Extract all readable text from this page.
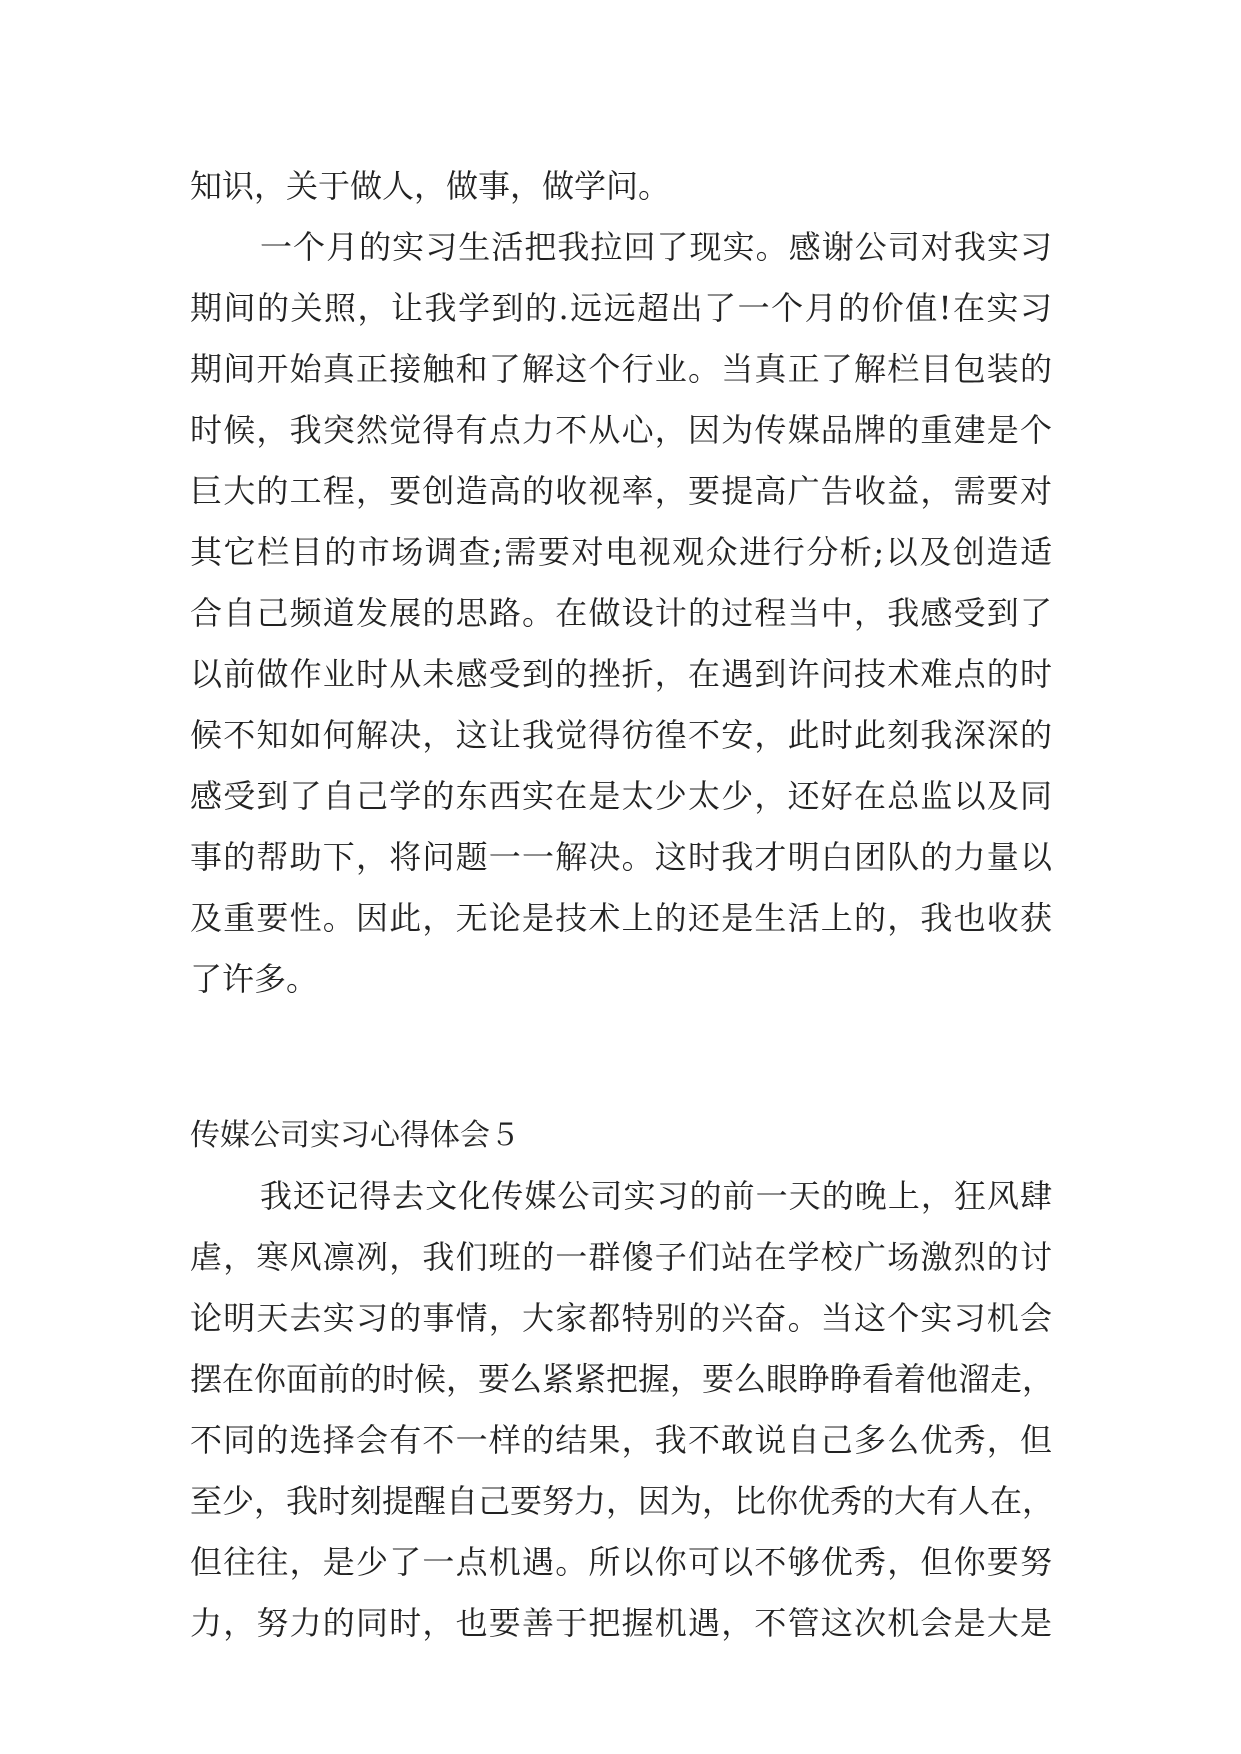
知识，关于做人，做事，做学问。
一个月的实习生活把我拉回了现实。感谢公司对我实习
期间的关照，让我学到的.远远超出了一个月的价值!在实习
期间开始真正接触和了解这个行业。当真正了解栏目包装的
时候，我突然觉得有点力不从心，因为传媒品牌的重建是个
巨大的工程，要创造高的收视率，要提高广告收益，需要对
其它栏目的市场调查;需要对电视观众进行分析;以及创造适
合自己频道发展的思路。在做设计的过程当中，我感受到了
以前做作业时从未感受到的挫折，在遇到许问技术难点的时
候不知如何解决，这让我觉得彷徨不安，此时此刻我深深的
感受到了自己学的东西实在是太少太少，还好在总监以及同
事的帮助下，将问题一一解决。这时我才明白团队的力量以
及重要性。因此，无论是技术上的还是生活上的，我也收获
了许多。
传媒公司实习心得体会５
我还记得去文化传媒公司实习的前一天的晚上，狂风肆
虐，寒风凛冽，我们班的一群傻子们站在学校广场激烈的讨
论明天去实习的事情，大家都特别的兴奋。当这个实习机会
摆在你面前的时候，要么紧紧把握，要么眼睁睁看着他溜走，
不同的选择会有不一样的结果，我不敢说自己多么优秀，但
至少，我时刻提醒自己要努力，因为，比你优秀的大有人在，
但往往，是少了一点机遇。所以你可以不够优秀，但你要努
力，努力的同时，也要善于把握机遇，不管这次机会是大是
